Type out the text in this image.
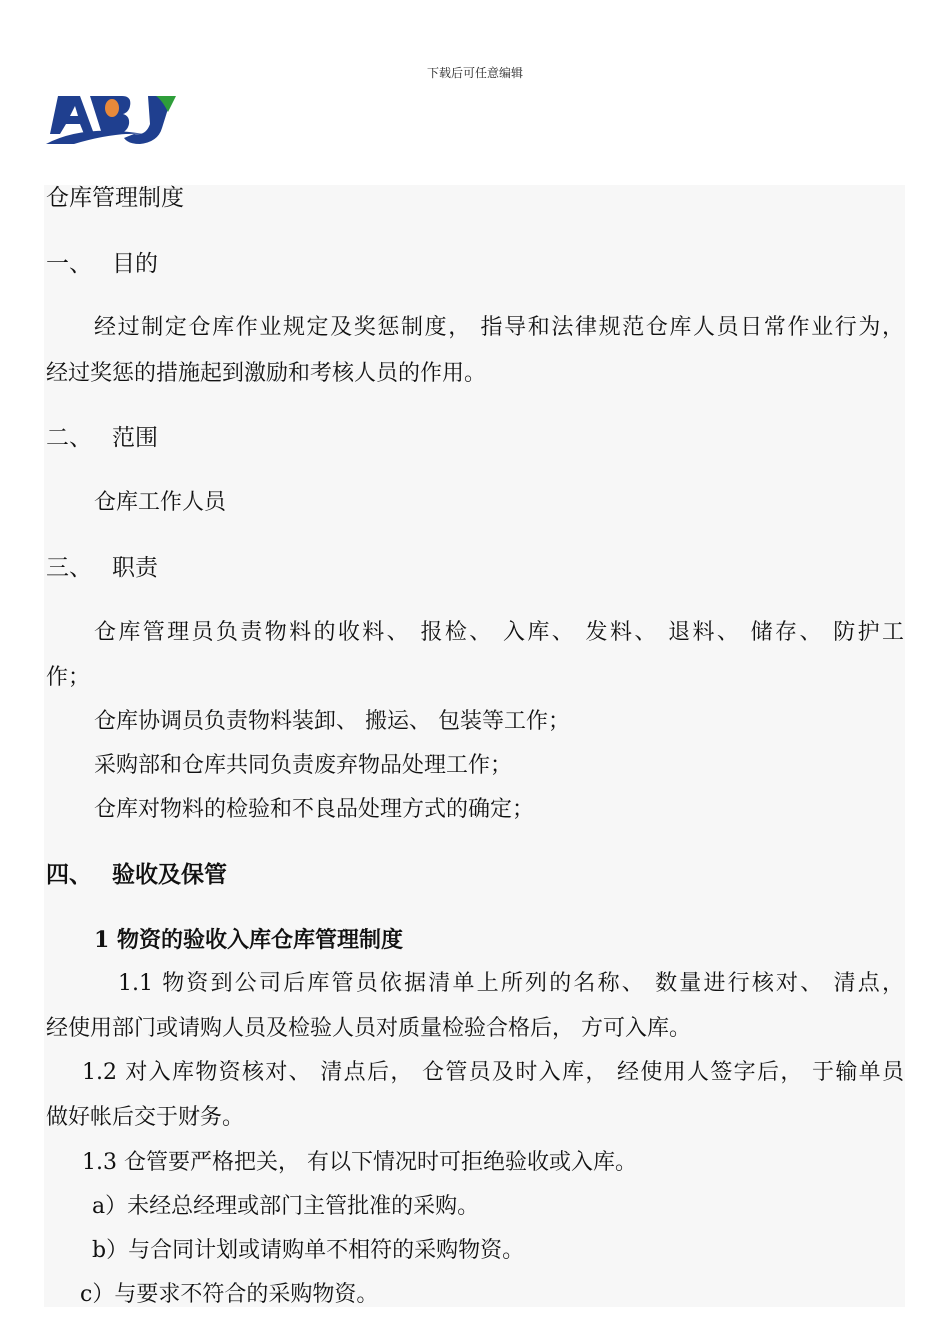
下载后可任意编辑
仓库管理制度
一、 目的
经过制定仓库作业规定及奖惩制度， 指导和法律规范仓库人员日常作业行为，
经过奖惩的措施起到激励和考核人员的作用。
二、 范围
仓库工作人员
三、 职责
仓库管理员负责物料的收料、 报检、 入库、 发料、 退料、 储存、 防护工
作；
仓库协调员负责物料装卸、 搬运、 包装等工作；
采购部和仓库共同负责废弃物品处理工作；
仓库对物料的检验和不良品处理方式的确定；
四、 验收及保管
1 物资的验收入库仓库管理制度
1.1 物资到公司后库管员依据清单上所列的名称、 数量进行核对、 清点，
经使用部门或请购人员及检验人员对质量检验合格后， 方可入库。
1.2 对入库物资核对、 清点后， 仓管员及时入库， 经使用人签字后， 于输单员
做好帐后交于财务。
1.3 仓管要严格把关， 有以下情况时可拒绝验收或入库。
a）未经总经理或部门主管批准的采购。
b）与合同计划或请购单不相符的采购物资。
c）与要求不符合的采购物资。
